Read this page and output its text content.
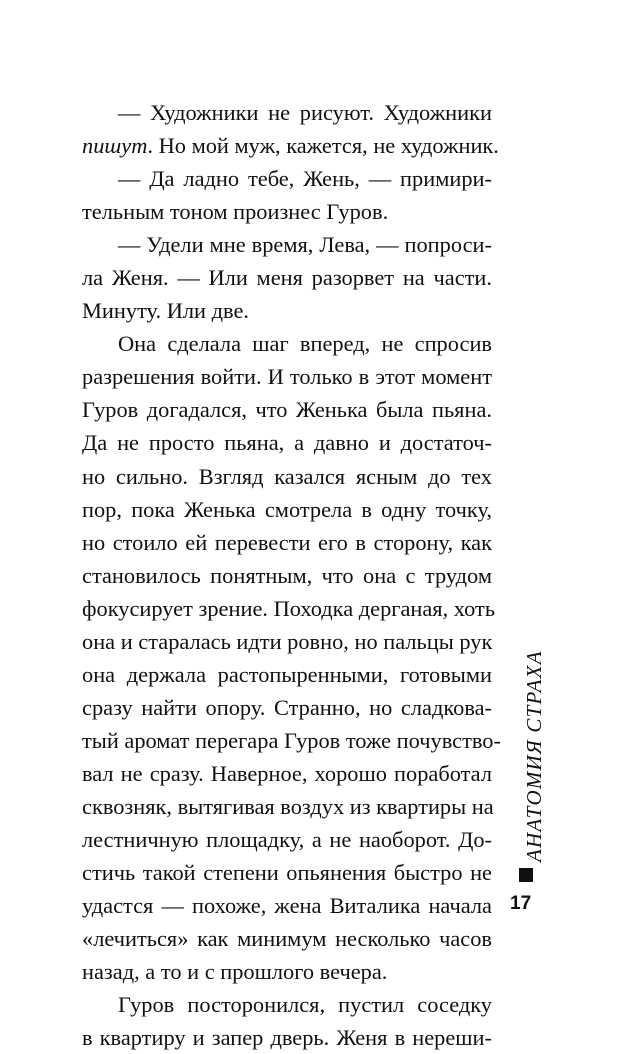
— Художники не рисуют. Художники
пишут. Но мой муж, кажется, не художник.
— Да ладно тебе, Жень, — примири-
тельным тоном произнес Гуров.
— Удели мне время, Лева, — попроси-
ла Женя. — Или меня разорвет на части.
Минуту. Или две.
Она сделала шаг вперед, не спросив
разрешения войти. И только в этот момент
Гуров догадался, что Женька была пьяна.
Да не просто пьяна, а давно и достаточ-
но сильно. Взгляд казался ясным до тех
пор, пока Женька смотрела в одну точку,
но стоило ей перевести его в сторону, как
становилось понятным, что она с трудом
фокусирует зрение. Походка дерганая, хоть
она и старалась идти ровно, но пальцы рук
она держала растопыренными, готовыми
сразу найти опору. Странно, но сладкова-
тый аромат перегара Гуров тоже почувство-
вал не сразу. Наверное, хорошо поработал
сквозняк, вытягивая воздух из квартиры на
лестничную площадку, а не наоборот. До-
стичь такой степени опьянения быстро не
удастся — похоже, жена Виталика начала
«лечиться» как минимум несколько часов
назад, а то и с прошлого вечера.
Гуров посторонился, пустил соседку
в квартиру и запер дверь. Женя в нереши-
АНАТОМИЯ СТРАХА
17
